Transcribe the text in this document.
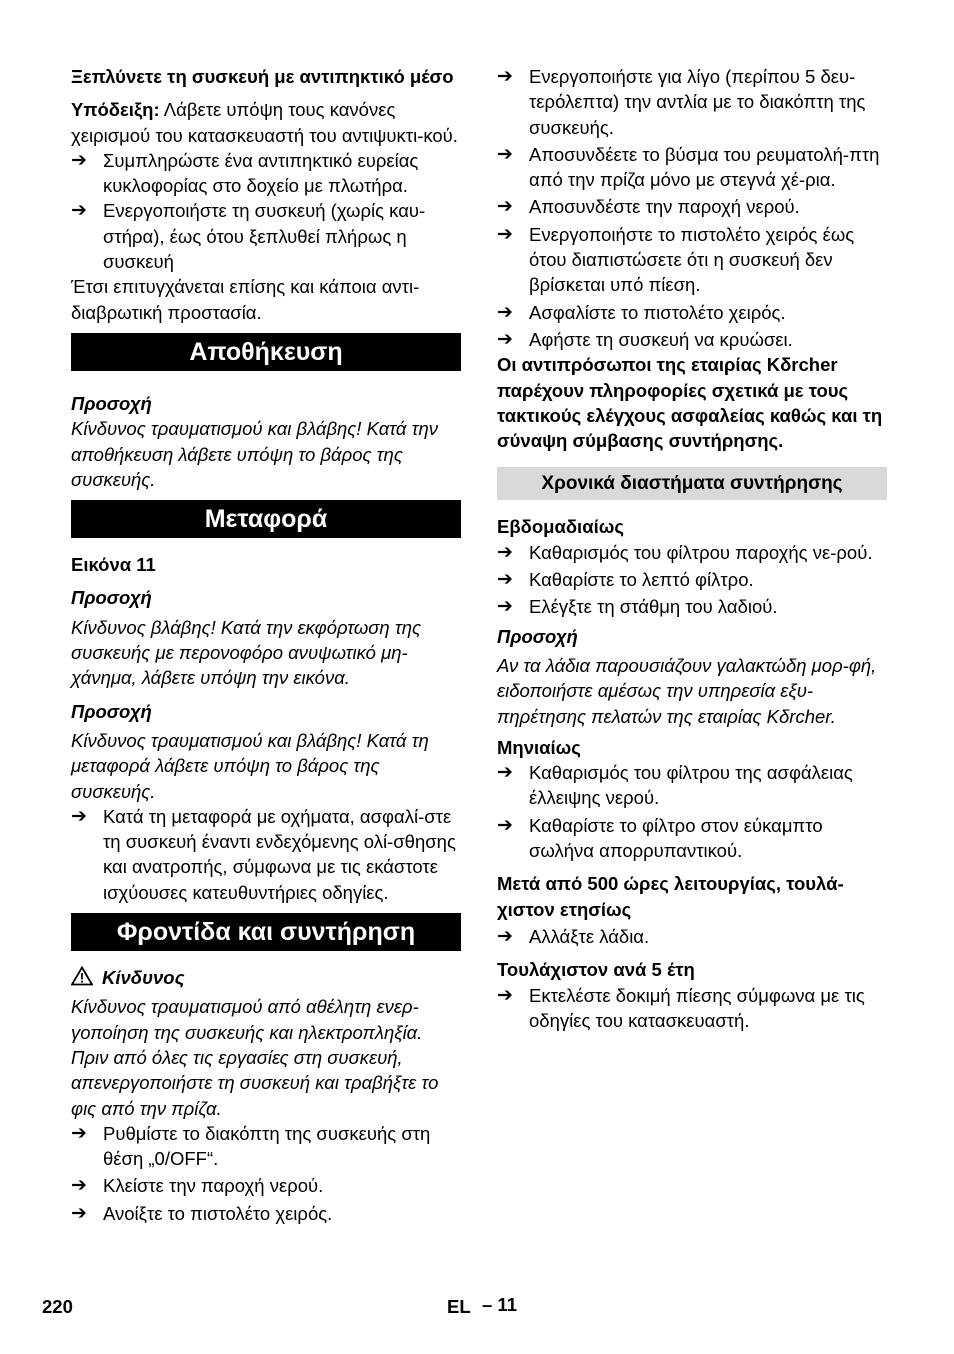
Ξεπλύνετε τη συσκευή με αντιπηκτικό μέσο

Υπόδειξη: Λάβετε υπόψη τους κανόνες χειρισμού του κατασκευαστή του αντιψυκτι-κού.

➔ Συμπληρώστε ένα αντιπηκτικό ευρείας κυκλοφορίας στο δοχείο με πλωτήρα.
➔ Ενεργοποιήστε τη συσκευή (χωρίς καυ-στήρα), έως ότου ξεπλυθεί πλήρως η συσκευή

Έτσι επιτυγχάνεται επίσης και κάποια αντι-διαβρωτική προστασία.

Αποθήκευση

Προσοχή

Κίνδυνος τραυματισμού και βλάβης! Κατά την αποθήκευση λάβετε υπόψη το βάρος της συσκευής.

Μεταφορά

Εικόνα 11

Προσοχή

Κίνδυνος βλάβης! Κατά την εκφόρτωση της συσκευής με περονοφόρο ανυψωτικό μη-χάνημα, λάβετε υπόψη την εικόνα.

Προσοχή

Κίνδυνος τραυματισμού και βλάβης! Κατά τη μεταφορά λάβετε υπόψη το βάρος της συσκευής.

➔ Κατά τη μεταφορά με οχήματα, ασφαλί-στε τη συσκευή έναντι ενδεχόμενης ολί-σθησης και ανατροπής, σύμφωνα με τις εκάστοτε ισχύουσες κατευθυντήριες οδηγίες.
Φροντίδα και συντήρηση

Κίνδυνος

Κίνδυνος τραυματισμού από αθέλητη ενερ-γοποίηση της συσκευής και ηλεκτροπληξία. Πριν από όλες τις εργασίες στη συσκευή, απενεργοποιήστε τη συσκευή και τραβήξτε το φις από την πρίζα.

➔ Ρυθμίστε το διακόπτη της συσκευής στη θέση „0/OFF“.
➔ Κλείστε την παροχή νερού.
➔ Ανοίξτε το πιστολέτο χειρός.
➔ Ενεργοποιήστε για λίγο (περίπου 5 δευ-τερόλεπτα) την αντλία με το διακόπτη της συσκευής.
➔ Αποσυνδέετε το βύσμα του ρευματολή-πτη από την πρίζα μόνο με στεγνά χέ-ρια.
➔ Αποσυνδέστε την παροχή νερού.
➔ Ενεργοποιήστε το πιστολέτο χειρός έως ότου διαπιστώσετε ότι η συσκευή δεν βρίσκεται υπό πίεση.
➔ Ασφαλίστε το πιστολέτο χειρός.
➔ Αφήστε τη συσκευή να κρυώσει.

Οι αντιπρόσωποι της εταιρίας Kδrcher παρέχουν πληροφορίες σχετικά με τους τακτικούς ελέγχους ασφαλείας καθώς και τη σύναψη σύμβασης συντήρησης.

Χρονικά διαστήματα συντήρησης

Εβδομαδιαίως

➔ Καθαρισμός του φίλτρου παροχής νε-ρού.
➔ Καθαρίστε το λεπτό φίλτρο.
➔ Ελέγξτε τη στάθμη του λαδιού.

Προσοχή

Αν τα λάδια παρουσιάζουν γαλακτώδη μορ-φή, ειδοποιήστε αμέσως την υπηρεσία εξυ-πηρέτησης πελατών της εταιρίας Kδrcher.

Μηνιαίως

➔ Καθαρισμός του φίλτρου της ασφάλειας έλλειψης νερού.
➔ Καθαρίστε το φίλτρο στον εύκαμπτο σωλήνα απορρυπαντικού.

Μετά από 500 ώρες λειτουργίας, τουλά-χιστον ετησίως

➔ Αλλάξτε λάδια.

Τουλάχιστον ανά 5 έτη

➔ Εκτελέστε δοκιμή πίεσης σύμφωνα με τις οδηγίες του κατασκευαστή.
220	EL – 11
